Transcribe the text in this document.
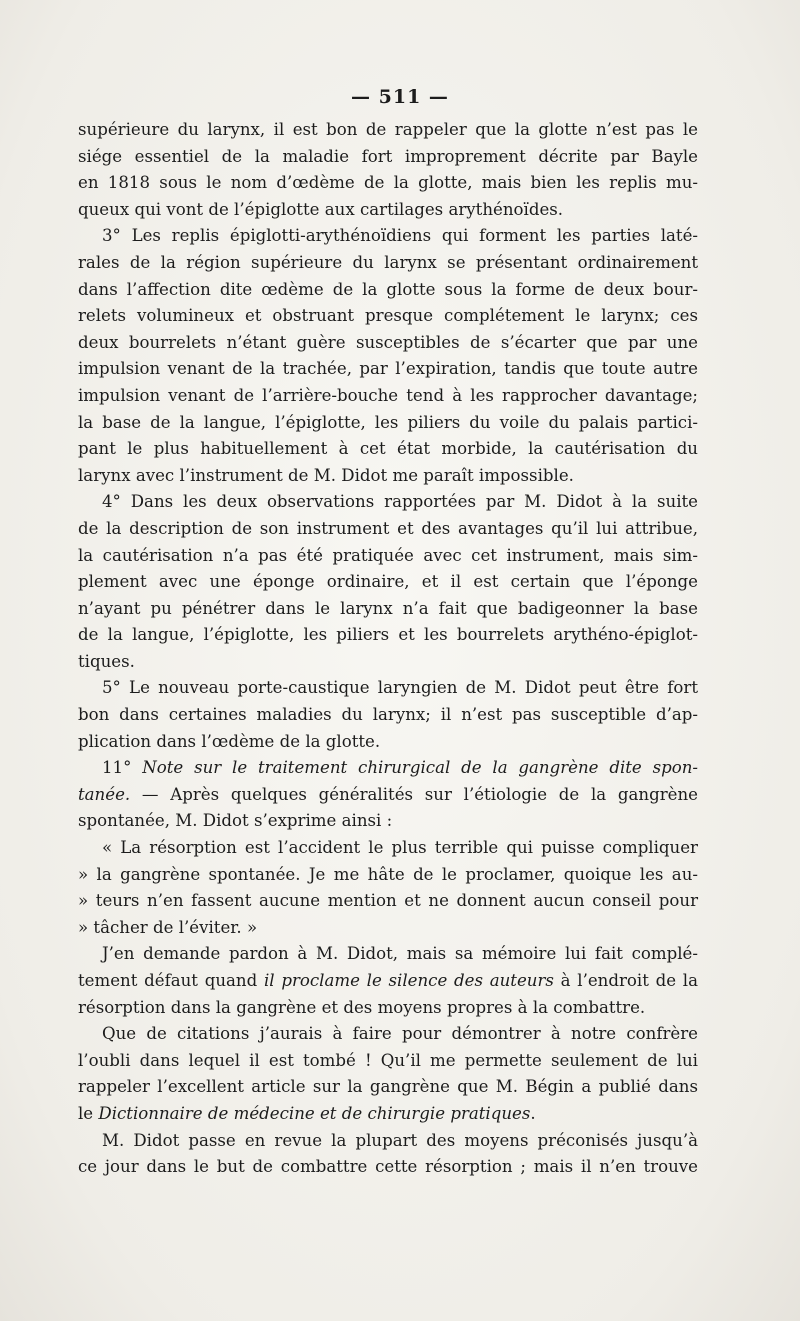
— 511 —
supérieure du larynx, il est bon de rappeler que la glotte n’est pas le
siége essentiel de la maladie fort improprement décrite par Bayle
en 1818 sous le nom d’œdème de la glotte, mais bien les replis mu-
queux qui vont de l’épiglotte aux cartilages arythénoïdes.
3° Les replis épiglotti-arythénoïdiens qui forment les parties laté-
rales de la région supérieure du larynx se présentant ordinairement
dans l’affection dite œdème de la glotte sous la forme de deux bour-
relets volumineux et obstruant presque complétement le larynx; ces
deux bourrelets n’étant guère susceptibles de s’écarter que par une
impulsion venant de la trachée, par l’expiration, tandis que toute autre
impulsion venant de l’arrière-bouche tend à les rapprocher davantage;
la base de la langue, l’épiglotte, les piliers du voile du palais partici-
pant le plus habituellement à cet état morbide, la cautérisation du
larynx avec l’instrument de M. Didot me paraît impossible.
4° Dans les deux observations rapportées par M. Didot à la suite
de la description de son instrument et des avantages qu’il lui attribue,
la cautérisation n’a pas été pratiquée avec cet instrument, mais sim-
plement avec une éponge ordinaire, et il est certain que l’éponge
n’ayant pu pénétrer dans le larynx n’a fait que badigeonner la base
de la langue, l’épiglotte, les piliers et les bourrelets arythéno-épiglot-
tiques.
5° Le nouveau porte-caustique laryngien de M. Didot peut être fort
bon dans certaines maladies du larynx; il n’est pas susceptible d’ap-
plication dans l’œdème de la glotte.
11° Note sur le traitement chirurgical de la gangrène dite spon-
tanée. — Après quelques généralités sur l’étiologie de la gangrène
spontanée, M. Didot s’exprime ainsi :
« La résorption est l’accident le plus terrible qui puisse compliquer
» la gangrène spontanée. Je me hâte de le proclamer, quoique les au-
» teurs n’en fassent aucune mention et ne donnent aucun conseil pour
» tâcher de l’éviter. »
J’en demande pardon à M. Didot, mais sa mémoire lui fait complé-
tement défaut quand il proclame le silence des auteurs à l’endroit de la
résorption dans la gangrène et des moyens propres à la combattre.
Que de citations j’aurais à faire pour démontrer à notre confrère
l’oubli dans lequel il est tombé ! Qu’il me permette seulement de lui
rappeler l’excellent article sur la gangrène que M. Bégin a publié dans
le Dictionnaire de médecine et de chirurgie pratiques.
M. Didot passe en revue la plupart des moyens préconisés jusqu’à
ce jour dans le but de combattre cette résorption ; mais il n’en trouve
